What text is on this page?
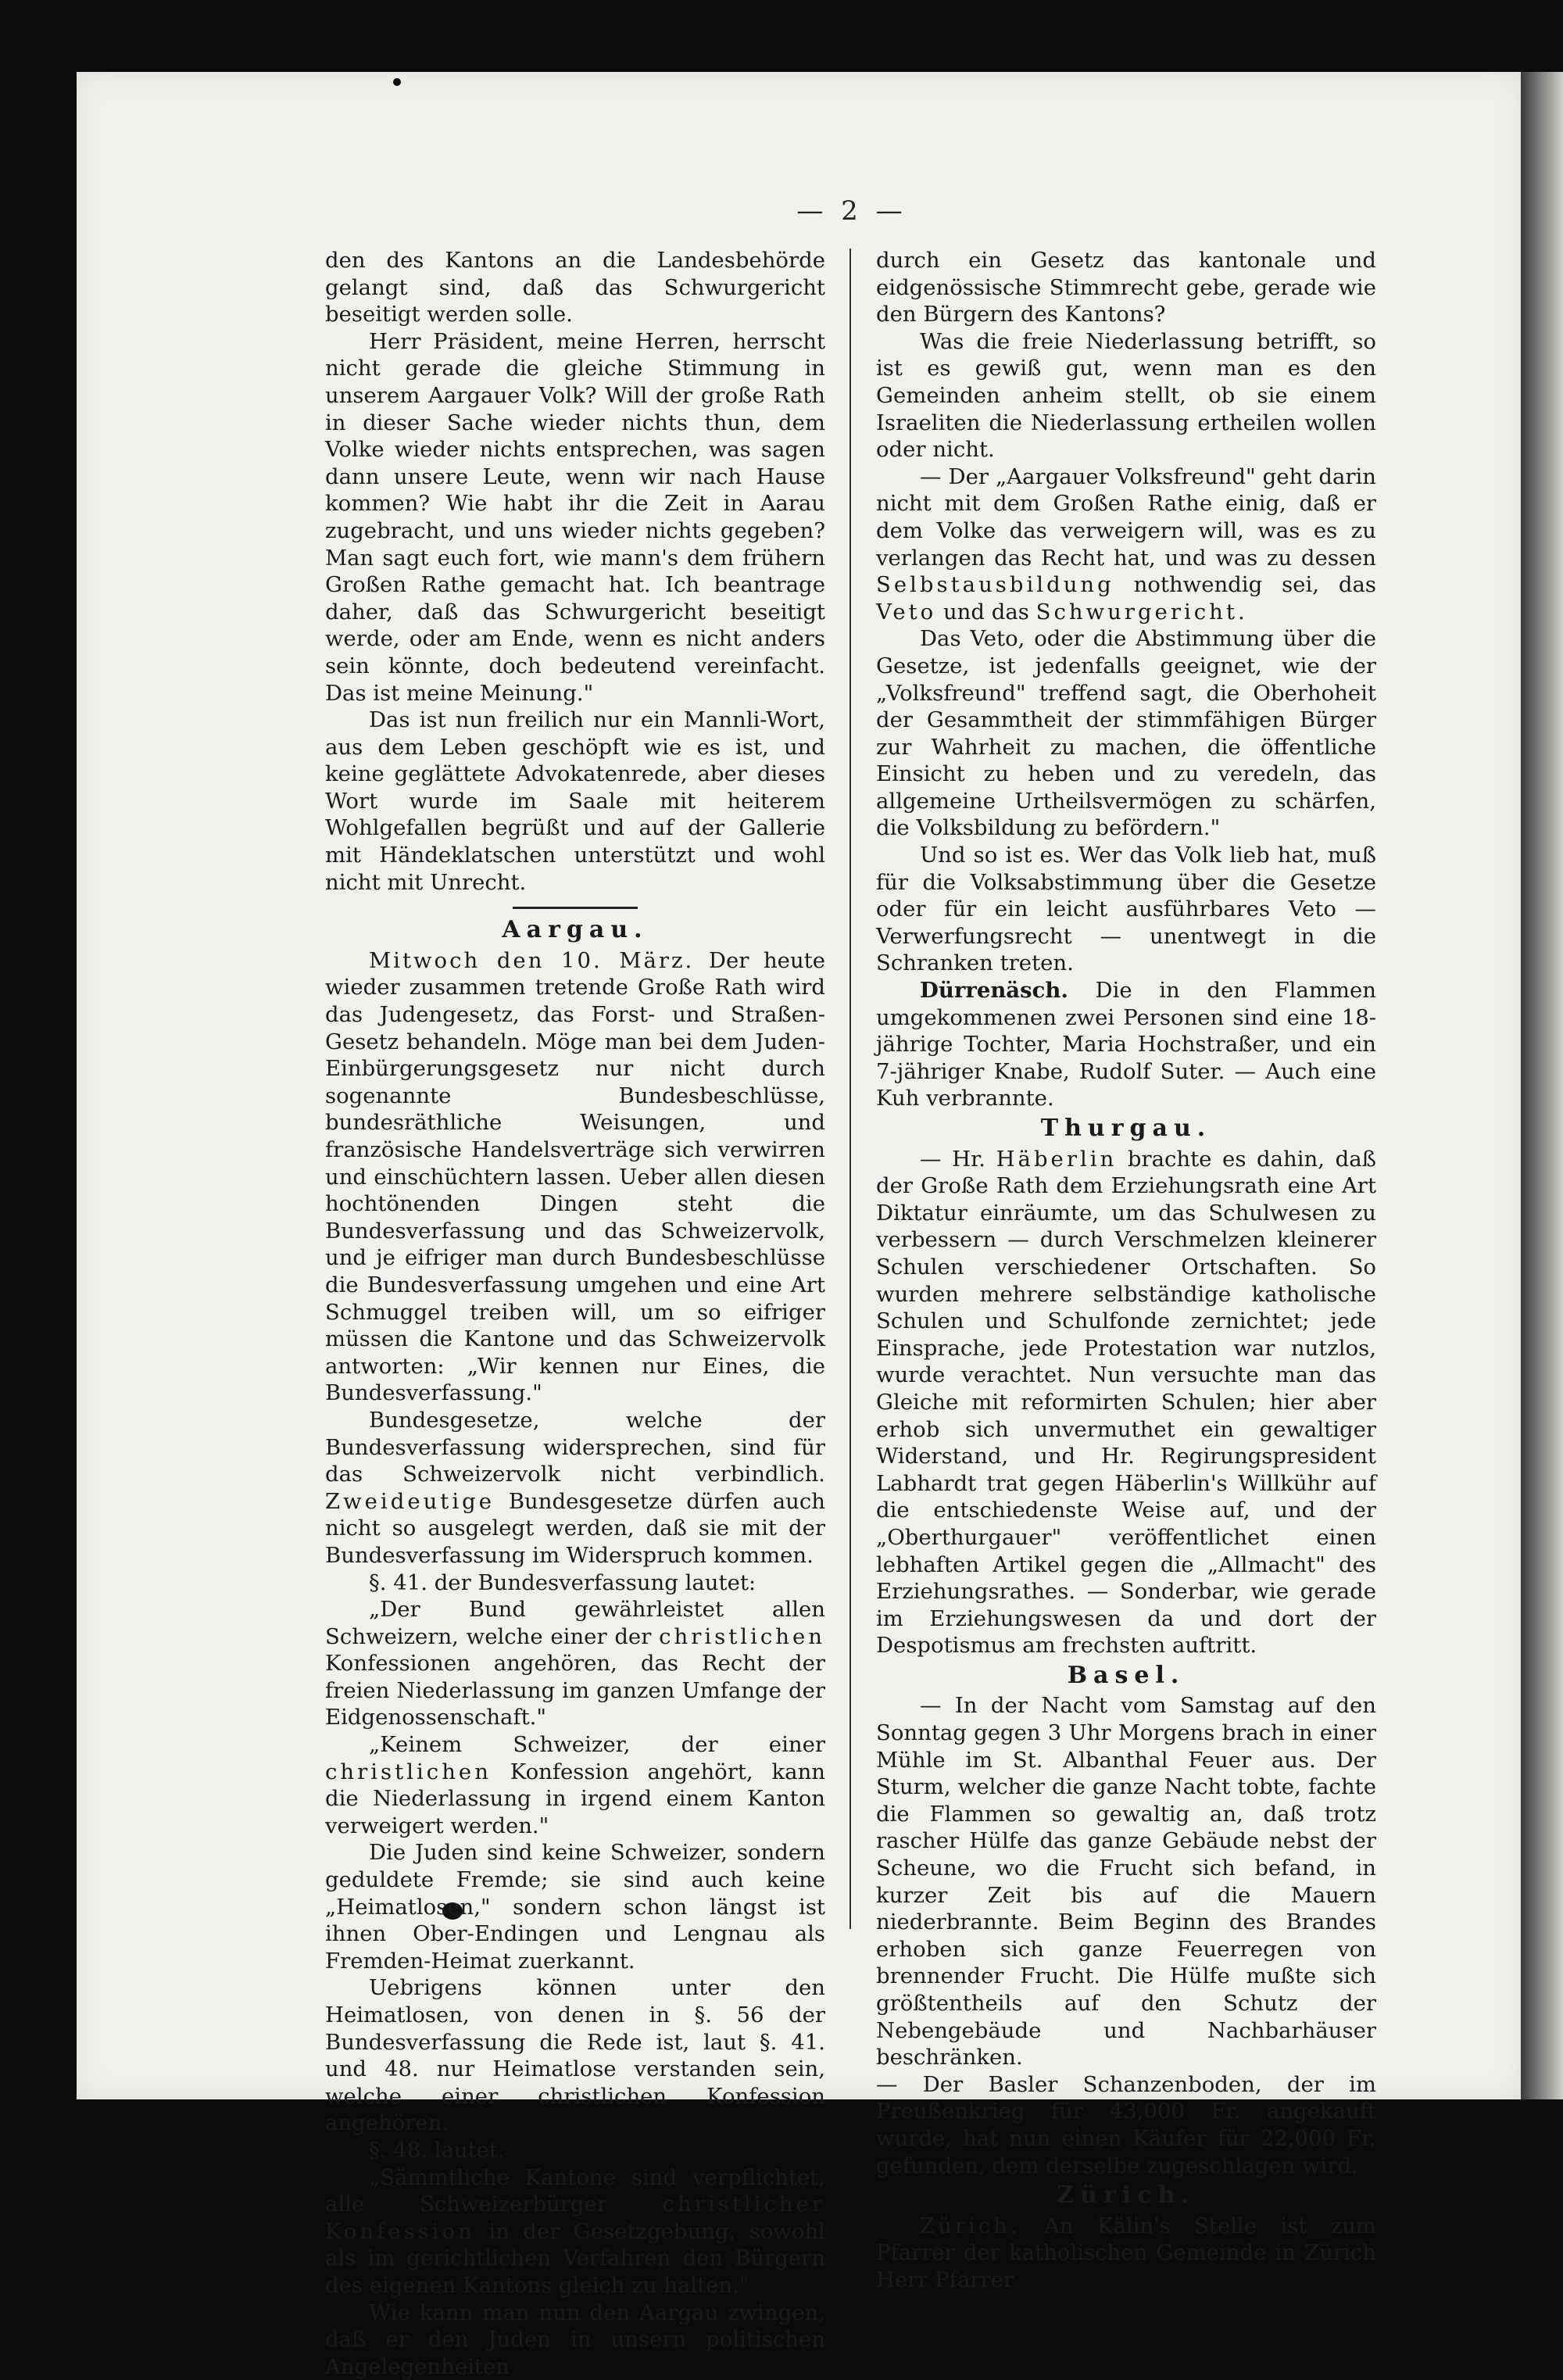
— 2 —

den des Kantons an die Landesbehörde gelangt sind, daß das Schwurgericht beseitigt werden solle.

Herr Präsident, meine Herren, herrscht nicht gerade die gleiche Stimmung in unserem Aargauer Volk? Will der große Rath in dieser Sache wieder nichts thun, dem Volke wieder nichts entsprechen, was sagen dann unsere Leute, wenn wir nach Hause kommen? Wie habt ihr die Zeit in Aarau zugebracht, und uns wieder nichts gegeben? Man sagt euch fort, wie mann's dem frühern Großen Rathe gemacht hat. Ich beantrage daher, daß das Schwurgericht beseitigt werde, oder am Ende, wenn es nicht anders sein könnte, doch bedeutend vereinfacht. Das ist meine Meinung."

Das ist nun freilich nur ein Mannli-Wort, aus dem Leben geschöpft wie es ist, und keine geglättete Advokatenrede, aber dieses Wort wurde im Saale mit heiterem Wohlgefallen begrüßt und auf der Gallerie mit Händeklatschen unterstützt und wohl nicht mit Unrecht.

Aargau.

Mitwoch den 10. März. Der heute wieder zusammen tretende Große Rath wird das Judengesetz, das Forst- und Straßen-Gesetz behandeln. Möge man bei dem Juden-Einbürgerungsgesetz nur nicht durch sogenannte Bundesbeschlüsse, bundesräthliche Weisungen, und französische Handelsverträge sich verwirren und einschüchtern lassen. Ueber allen diesen hochtönenden Dingen steht die Bundesverfassung und das Schweizervolk, und je eifriger man durch Bundesbeschlüsse die Bundesverfassung umgehen und eine Art Schmuggel treiben will, um so eifriger müssen die Kantone und das Schweizervolk antworten: „Wir kennen nur Eines, die Bundesverfassung."

Bundesgesetze, welche der Bundesverfassung widersprechen, sind für das Schweizervolk nicht verbindlich. Zweideutige Bundesgesetze dürfen auch nicht so ausgelegt werden, daß sie mit der Bundesverfassung im Widerspruch kommen.

§. 41. der Bundesverfassung lautet:

„Der Bund gewährleistet allen Schweizern, welche einer der christlichen Konfessionen angehören, das Recht der freien Niederlassung im ganzen Umfange der Eidgenossenschaft."

„Keinem Schweizer, der einer christlichen Konfession angehört, kann die Niederlassung in irgend einem Kanton verweigert werden."

Die Juden sind keine Schweizer, sondern geduldete Fremde; sie sind auch keine „Heimatlosen," sondern schon längst ist ihnen Ober-Endingen und Lengnau als Fremden-Heimat zuerkannt.

Uebrigens können unter den Heimatlosen, von denen in §. 56 der Bundesverfassung die Rede ist, laut §. 41. und 48. nur Heimatlose verstanden sein, welche einer christlichen Konfession angehören.

§. 48. lautet.

„Sämmtliche Kantone sind verpflichtet, alle Schweizerbürger	christlicher Konfession in der Gesetzgebung, sowohl als im gerichtlichen Verfahren den Bürgern des eigenen Kantons gleich zu halten."

Wie kann man nun den Aargau zwingen, daß er den Juden in unsern politischen Angelegenheiten

durch ein Gesetz das kantonale und eidgenössische Stimmrecht gebe, gerade wie den Bürgern des Kantons?

Was die freie Niederlassung betrifft, so ist es gewiß gut, wenn man es den Gemeinden anheim stellt, ob sie einem Israeliten die Niederlassung ertheilen wollen oder nicht.

— Der „Aargauer Volksfreund" geht darin nicht mit dem Großen Rathe einig, daß er dem Volke das verweigern will, was es zu verlangen das Recht hat, und was zu dessen Selbstausbildung nothwendig sei, das Veto und das Schwurgericht.

Das Veto, oder die Abstimmung über die Gesetze, ist jedenfalls geeignet, wie der „Volksfreund" treffend sagt, die Oberhoheit der Gesammtheit der stimmfähigen Bürger zur Wahrheit zu machen, die öffentliche Einsicht zu heben und zu veredeln, das allgemeine Urtheilsvermögen zu schärfen, die Volksbildung zu befördern."

Und so ist es. Wer das Volk lieb hat, muß für die Volksabstimmung über die Gesetze oder für ein leicht ausführbares Veto — Verwerfungsrecht — unentwegt in die Schranken treten.

Dürrenäsch. Die in den Flammen umgekommenen zwei Personen sind eine 18-jährige Tochter, Maria Hochstraßer, und ein 7-jähriger Knabe, Rudolf Suter. — Auch eine Kuh verbrannte.

Thurgau.

— Hr. Häberlin brachte es dahin, daß der Große Rath dem Erziehungsrath eine Art Diktatur einräumte, um das Schulwesen zu verbessern — durch Verschmelzen kleinerer Schulen verschiedener Ortschaften. So wurden mehrere selbständige katholische Schulen und Schulfonde zernichtet; jede Einsprache, jede Protestation war nutzlos, wurde verachtet. Nun versuchte man das Gleiche mit reformirten Schulen; hier aber erhob sich unvermuthet ein gewaltiger Widerstand, und Hr. Regirungspresident Labhardt trat gegen Häberlin's Willkühr auf die entschiedenste Weise auf, und der „Oberthurgauer" veröffentlichet einen lebhaften Artikel gegen die „Allmacht" des Erziehungsrathes. — Sonderbar, wie gerade im Erziehungswesen da und dort der Despotismus am frechsten auftritt.

Basel.

— In der Nacht vom Samstag auf den Sonntag gegen 3 Uhr Morgens brach in einer Mühle im St. Albanthal Feuer aus. Der Sturm, welcher die ganze Nacht tobte, fachte die Flammen so gewaltig an, daß trotz rascher Hülfe das ganze Gebäude nebst der Scheune, wo die Frucht sich befand, in kurzer Zeit bis auf die Mauern niederbrannte. Beim Beginn des Brandes erhoben sich ganze Feuerregen von brennender Frucht. Die Hülfe mußte sich größtentheils auf den Schutz der Nebengebäude und Nachbarhäuser beschränken.

— Der Basler Schanzenboden, der im Preußenkrieg für 43,000 Fr. angekauft wurde, hat nun einen Käufer für 22,000 Fr. gefunden, dem derselbe zugeschlagen wird.

Zürich.

Zürich. An Kälin's Stelle ist zum Pfarrer der katholischen Gemeinde in Zürich Herr Pfarrer
